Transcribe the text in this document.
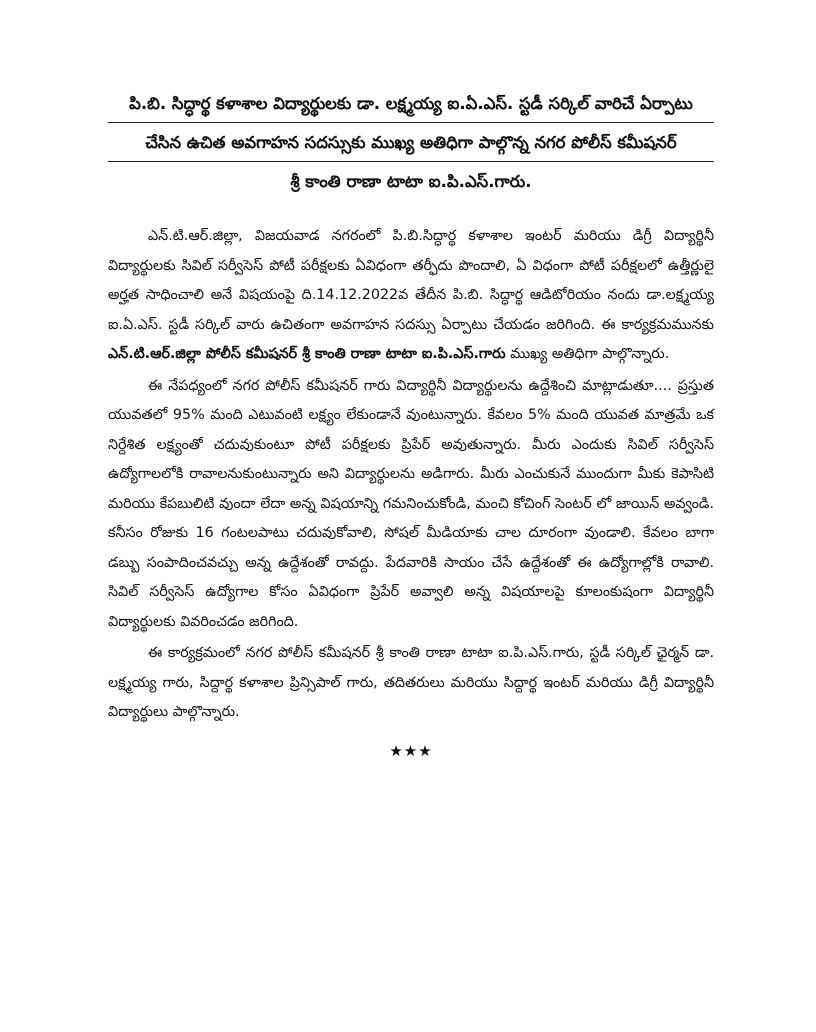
పి.బి. సిద్ధార్థ కళాశాల విద్యార్థులకు డా. లక్ష్మయ్య ఐ.ఏ.ఎస్. స్టడీ సర్కిల్ వారిచే ఏర్పాటు
చేసిన ఉచిత అవగాహన సదస్సుకు ముఖ్య అతిధిగా పాల్గొన్న నగర పోలీస్ కమీషనర్
శ్రీ కాంతి రాణా టాటా ఐ.పి.ఎస్.గారు.

ఎన్.టి.ఆర్.జిల్లా, విజయవాడ నగరంలో పి.బి.సిద్ధార్థ కళాశాల ఇంటర్ మరియు డిగ్రీ విద్యార్థినీ విద్యార్థులకు సివిల్ సర్వీసెస్ పోటీ పరీక్షలకు ఏవిధంగా తర్ఫీదు పొందాలి, ఏ విధంగా పోటీ పరీక్షలలో ఉత్తీర్ణులై అర్హత సాధించాలి అనే విషయంపై ది.14.12.2022వ తేదీన పి.బి. సిద్ధార్థ ఆడిటోరియం నందు డా.లక్ష్మయ్య ఐ.ఏ.ఎస్. స్టడీ సర్కిల్ వారు ఉచితంగా అవగాహన సదస్సు ఏర్పాటు చేయడం జరిగింది. ఈ కార్యక్రమమునకు ఎన్.టి.ఆర్.జిల్లా పోలీస్ కమీషనర్ శ్రీ కాంతి రాణా టాటా ఐ.పి.ఎస్.గారు ముఖ్య అతిధిగా పాల్గొన్నారు.

ఈ నేపధ్యంలో నగర పోలీస్ కమీషనర్ గారు విద్యార్థినీ విద్యార్థులను ఉద్దేశించి మాట్లాడుతూ.... ప్రస్తుత యువతలో 95% మంది ఎటువంటి లక్ష్యం లేకుండానే వుంటున్నారు. కేవలం 5% మంది యువత మాత్రమే ఒక నిర్దేశిత లక్ష్యంతో చదువుకుంటూ పోటీ పరీక్షలకు ప్రిపేర్ అవుతున్నారు. మీరు ఎందుకు సివిల్ సర్వీసెస్ ఉద్యోగాలలోకి రావాలనుకుంటున్నారు అని విద్యార్థులను అడిగారు. మీరు ఎంచుకునే ముందుగా మీకు కెపాసిటి మరియు కేపబులిటి వుందా లేదా అన్న విషయాన్ని గమనించుకోండి, మంచి కోచింగ్ సెంటర్ లో జాయిన్ అవ్వండి. కనీసం రోజుకు 16 గంటలపాటు చదువుకోవాలి, సోషల్ మీడియాకు చాల దూరంగా వుండాలి. కేవలం బాగా డబ్బు సంపాదించవచ్చు అన్న ఉద్దేశంతో రావద్దు. పేదవారికి సాయం చేసే ఉద్దేశంతో ఈ ఉద్యోగాల్లోకి రావాలి. సివిల్ సర్వీసెస్ ఉద్యోగాల కోసం ఏవిధంగా ప్రిపేర్ అవ్వాలి అన్న విషయాలపై కూలంకుషంగా విద్యార్థినీ విద్యార్థులకు వివరించడం జరిగింది.

ఈ కార్యక్రమంలో నగర పోలీస్ కమీషనర్ శ్రీ కాంతి రాణా టాటా ఐ.పి.ఎస్.గారు, స్టడీ సర్కిల్ ఛైర్మన్ డా. లక్ష్మయ్య గారు, సిద్దార్థ కళాశాల ప్రిన్సిపాల్ గారు, తదితరులు మరియు సిద్దార్థ ఇంటర్ మరియు డిగ్రీ విద్యార్థినీ విద్యార్థులు పాల్గొన్నారు.

★★★
